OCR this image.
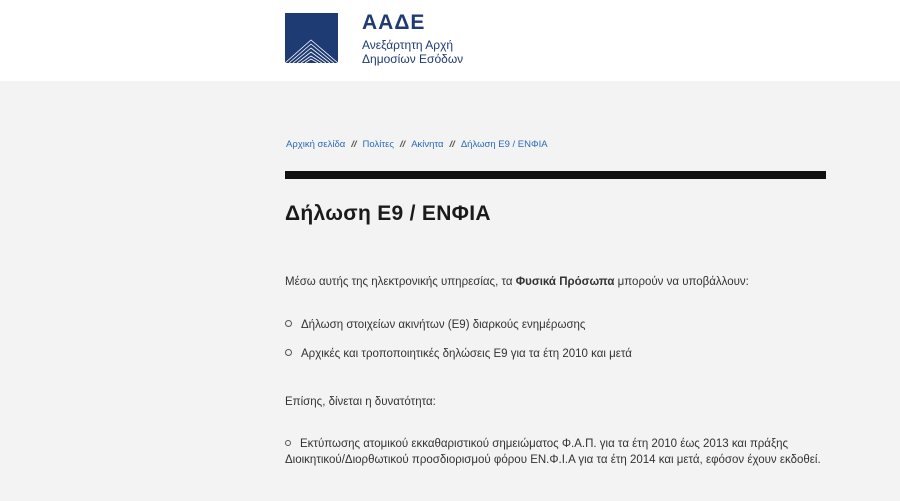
ΑΑΔΕ
Ανεξάρτητη Αρχή
Δημοσίων Εσόδων
Αρχική σελίδα // Πολίτες // Ακίνητα // Δήλωση Ε9 / ΕΝΦΙΑ
Δήλωση Ε9 / ΕΝΦΙΑ
Μέσω αυτής της ηλεκτρονικής υπηρεσίας, τα Φυσικά Πρόσωπα μπορούν να υποβάλλουν:
Δήλωση στοιχείων ακινήτων (Ε9) διαρκούς ενημέρωσης
Αρχικές και τροποποιητικές δηλώσεις Ε9 για τα έτη 2010 και μετά
Επίσης, δίνεται η δυνατότητα:
Εκτύπωσης ατομικού εκκαθαριστικού σημειώματος Φ.Α.Π. για τα έτη 2010 έως 2013 και πράξης Διοικητικού/Διορθωτικού προσδιορισμού φόρου ΕΝ.Φ.Ι.Α για τα έτη 2014 και μετά, εφόσον έχουν εκδοθεί.
